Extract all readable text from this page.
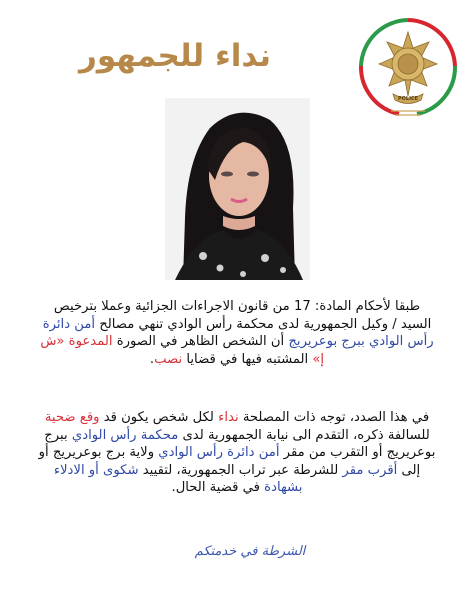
نداء للجمهور
POLICE
طبقا لأحكام المادة: 17 من قانون الاجراءات الجزائية وعملا بترخيص السيد / وكيل الجمهورية لدى محكمة رأس الوادي تنهي مصالح أمن دائرة رأس الوادي ببرج بوعريريج أن الشخص الظاهر في الصورة المدعوة «ش إ» المشتبه فيها في قضايا نصب.
في هذا الصدد، توجه ذات المصلحة نداء لكل شخص يكون قد وقع ضحية للسالفة ذكره، التقدم الى نيابة الجمهورية لدى محكمة رأس الوادي ببرج بوعريريج أو التقرب من مقر أمن دائرة رأس الوادي ولاية برج بوعريريج أو إلى أقرب مقر للشرطة عبر تراب الجمهورية، لتقييد شكوى أو الادلاء بشهادة في قضية الحال.
الشرطة في خدمتكم
